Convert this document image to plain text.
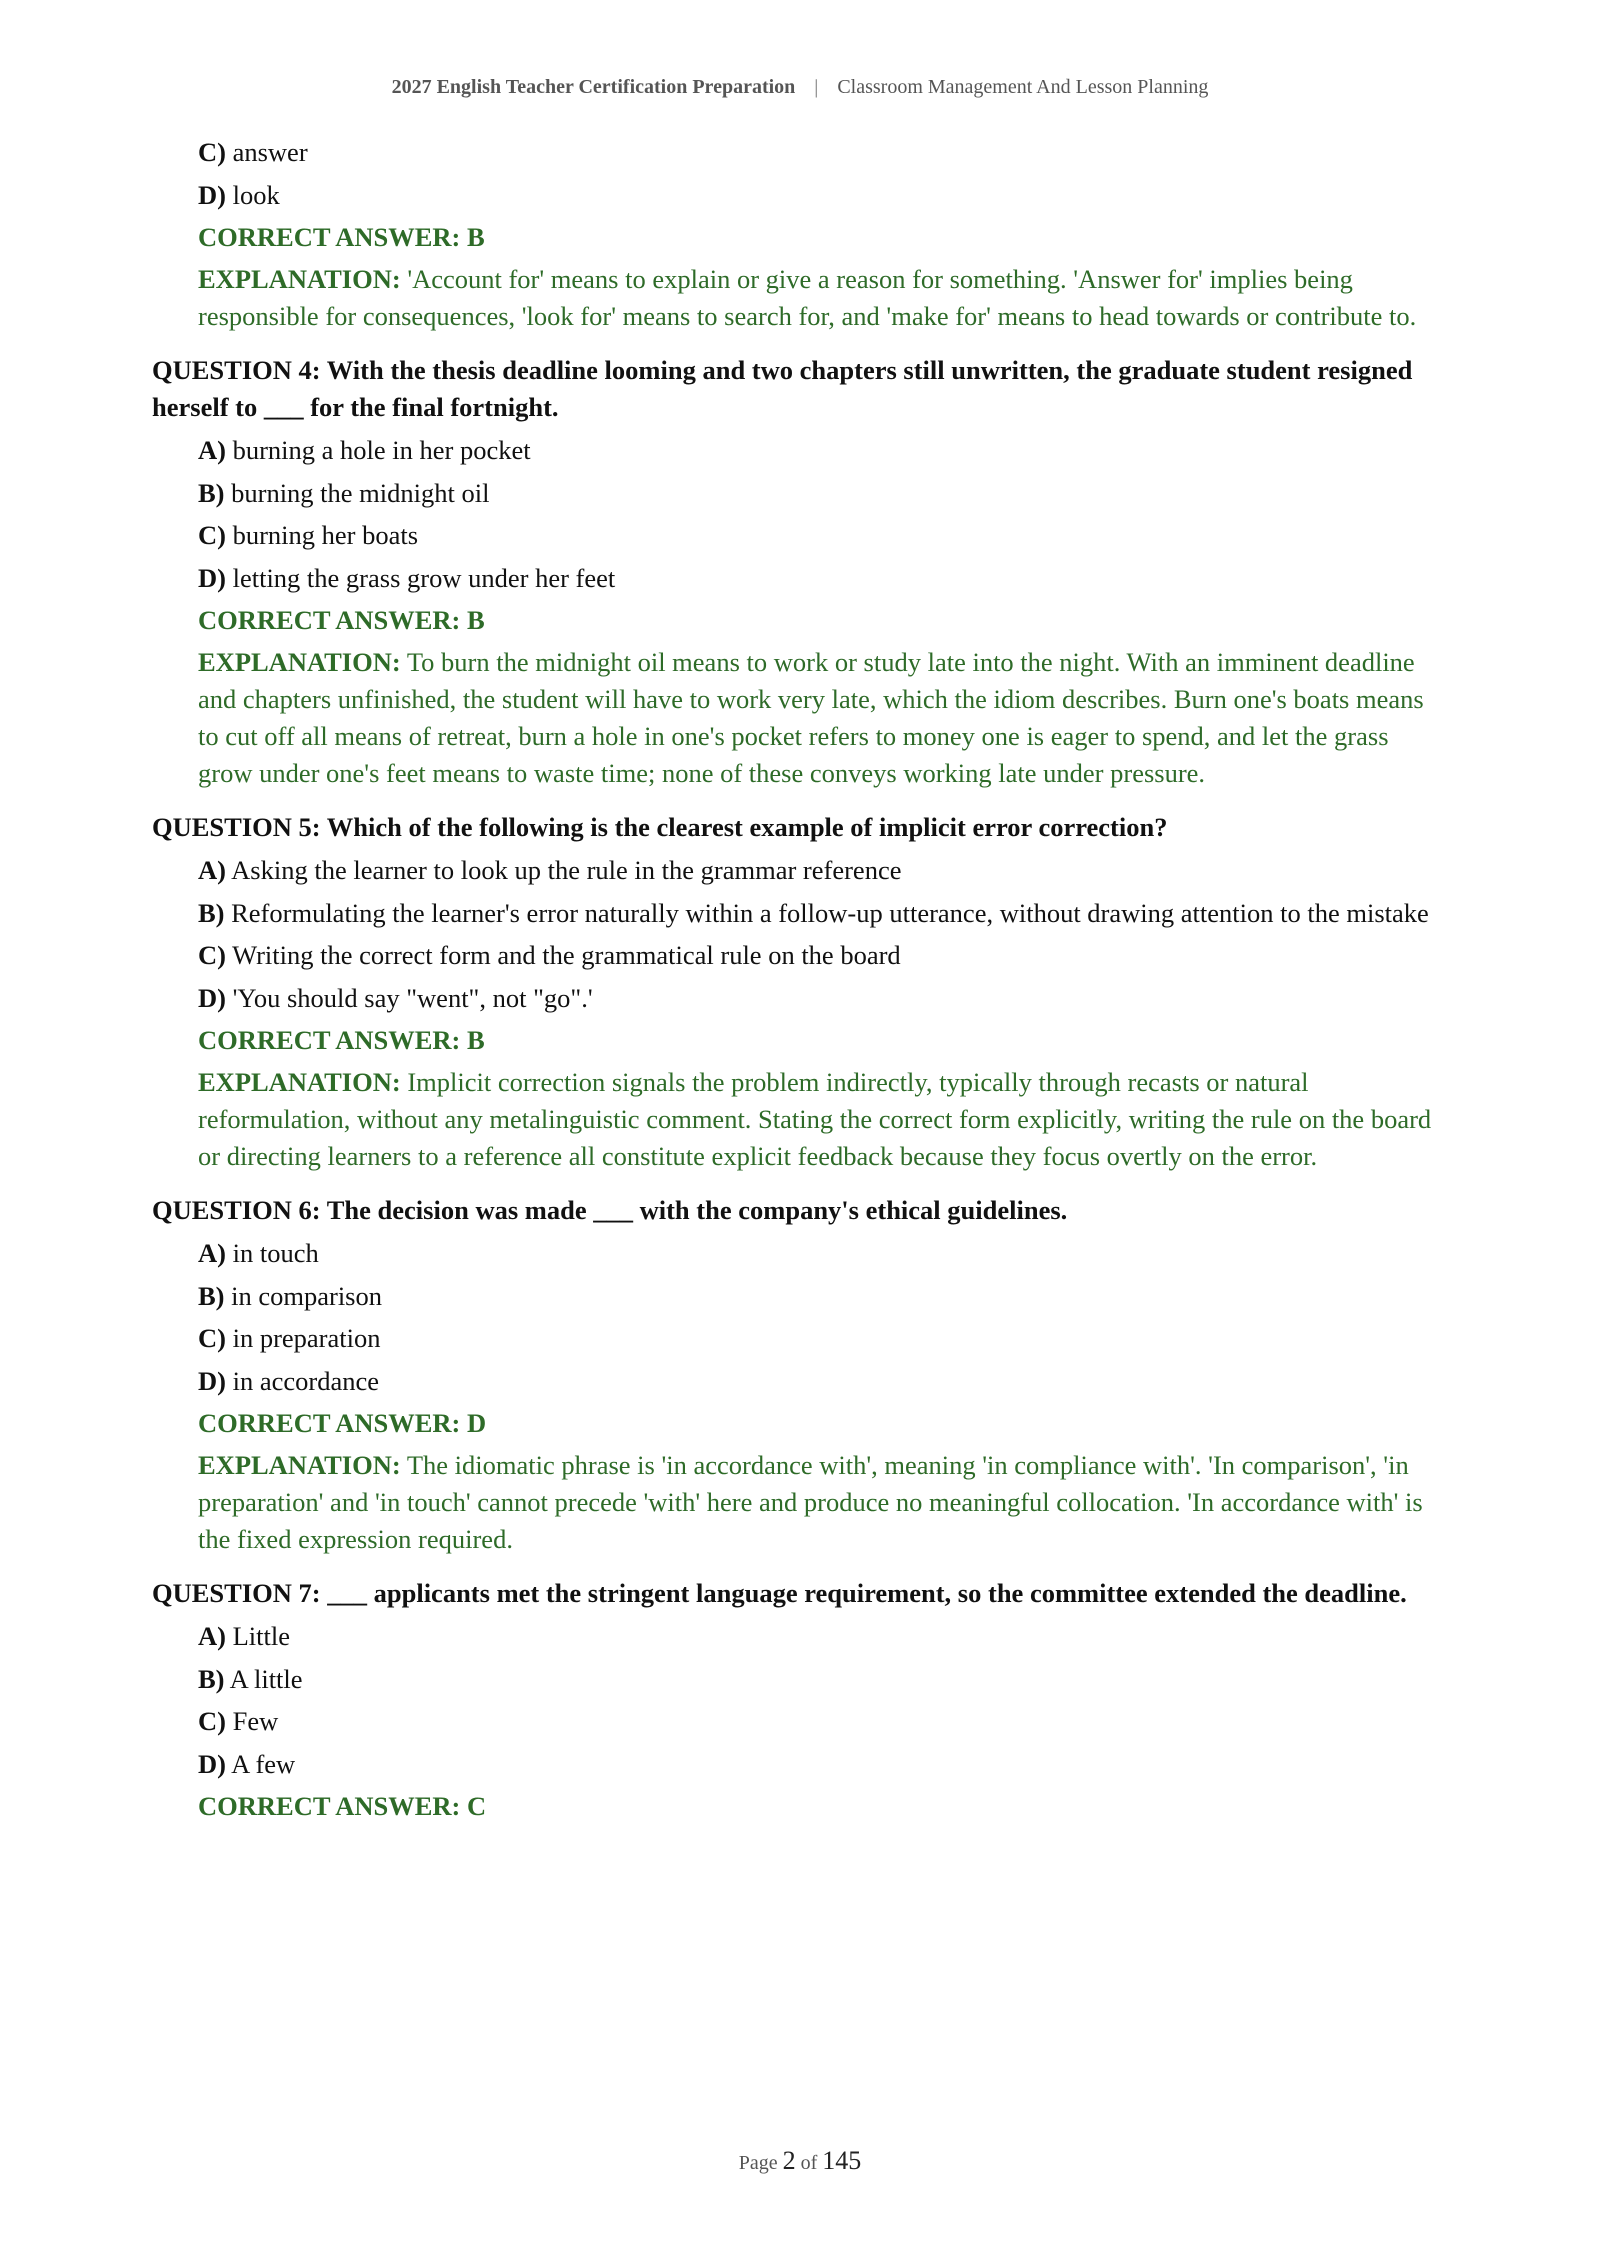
2027 English Teacher Certification Preparation | Classroom Management And Lesson Planning
C) answer
D) look
CORRECT ANSWER: B
EXPLANATION: 'Account for' means to explain or give a reason for something. 'Answer for' implies being responsible for consequences, 'look for' means to search for, and 'make for' means to head towards or contribute to.
QUESTION 4: With the thesis deadline looming and two chapters still unwritten, the graduate student resigned herself to ___ for the final fortnight.
A) burning a hole in her pocket
B) burning the midnight oil
C) burning her boats
D) letting the grass grow under her feet
CORRECT ANSWER: B
EXPLANATION: To burn the midnight oil means to work or study late into the night. With an imminent deadline and chapters unfinished, the student will have to work very late, which the idiom describes. Burn one's boats means to cut off all means of retreat, burn a hole in one's pocket refers to money one is eager to spend, and let the grass grow under one's feet means to waste time; none of these conveys working late under pressure.
QUESTION 5: Which of the following is the clearest example of implicit error correction?
A) Asking the learner to look up the rule in the grammar reference
B) Reformulating the learner's error naturally within a follow-up utterance, without drawing attention to the mistake
C) Writing the correct form and the grammatical rule on the board
D) 'You should say "went", not "go".'
CORRECT ANSWER: B
EXPLANATION: Implicit correction signals the problem indirectly, typically through recasts or natural reformulation, without any metalinguistic comment. Stating the correct form explicitly, writing the rule on the board or directing learners to a reference all constitute explicit feedback because they focus overtly on the error.
QUESTION 6: The decision was made ___ with the company's ethical guidelines.
A) in touch
B) in comparison
C) in preparation
D) in accordance
CORRECT ANSWER: D
EXPLANATION: The idiomatic phrase is 'in accordance with', meaning 'in compliance with'. 'In comparison', 'in preparation' and 'in touch' cannot precede 'with' here and produce no meaningful collocation. 'In accordance with' is the fixed expression required.
QUESTION 7: ___ applicants met the stringent language requirement, so the committee extended the deadline.
A) Little
B) A little
C) Few
D) A few
CORRECT ANSWER: C
Page 2 of 145
